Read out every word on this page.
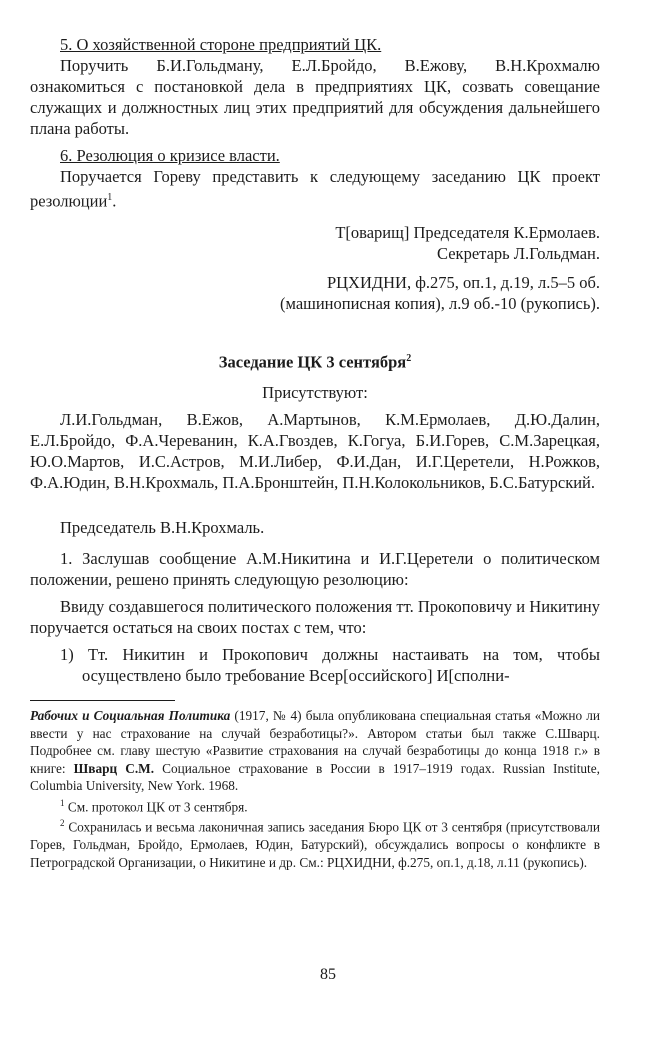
5. О хозяйственной стороне предприятий ЦК.

Поручить Б.И.Гольдману, Е.Л.Бройдо, В.Ежову, В.Н.Крохмалю ознакомиться с постановкой дела в предприятиях ЦК, созвать совещание служащих и должностных лиц этих предприятий для обсуждения дальнейшего плана работы.

6. Резолюция о кризисе власти.

Поручается Гореву представить к следующему заседанию ЦК проект резолюции$^1$.

Т[оварищ] Председателя К.Ермолаев.

Секретарь Л.Гольдман.

РЦХИДНИ, ф.275, оп.1, д.19, л.5–5 об.

(машинописная копия), л.9 об.-10 (рукопись).

Заседание ЦК 3 сентября$^2$

Присутствуют:

Л.И.Гольдман, В.Ежов, А.Мартынов, К.М.Ермолаев, Д.Ю.Далин, Е.Л.Бройдо, Ф.А.Череванин, К.А.Гвоздев, К.Гогуа, Б.И.Горев, С.М.Зарецкая, Ю.О.Мартов, И.С.Астров, М.И.Либер, Ф.И.Дан, И.Г.Церетели, Н.Рожков, Ф.А.Юдин, В.Н.Крохмаль, П.А.Бронштейн, П.Н.Колокольников, Б.С.Батурский.

Председатель В.Н.Крохмаль.

1. Заслушав сообщение А.М.Никитина и И.Г.Церетели о политическом положении, решено принять следующую резолюцию:

Ввиду создавшегося политического положения тт. Прокоповичу и Никитину поручается остаться на своих постах с тем, что:

1) Тт. Никитин и Прокопович должны настаивать на том, чтобы осуществлено было требование Всер[оссийского] И[сполни-

Рабочих и Социальная Политика (1917, № 4) была опубликована специальная статья «Можно ли ввести у нас страхование на случай безработицы?». Автором статьи был также С.Шварц. Подробнее см. главу шестую «Развитие страхования на случай безработицы до конца 1918 г.» в книге: Шварц С.М. Социальное страхование в России в 1917–1919 годах. Russian Institute, Columbia University, New York. 1968.

$^1$ См. протокол ЦК от 3 сентября.

$^2$ Сохранилась и весьма лаконичная запись заседания Бюро ЦК от 3 сентября (присутствовали Горев, Гольдман, Бройдо, Ермолаев, Юдин, Батурский), обсуждались вопросы о конфликте в Петроградской Организации, о Никитине и др. См.: РЦХИДНИ, ф.275, оп.1, д.18, л.11 (рукопись).

85
